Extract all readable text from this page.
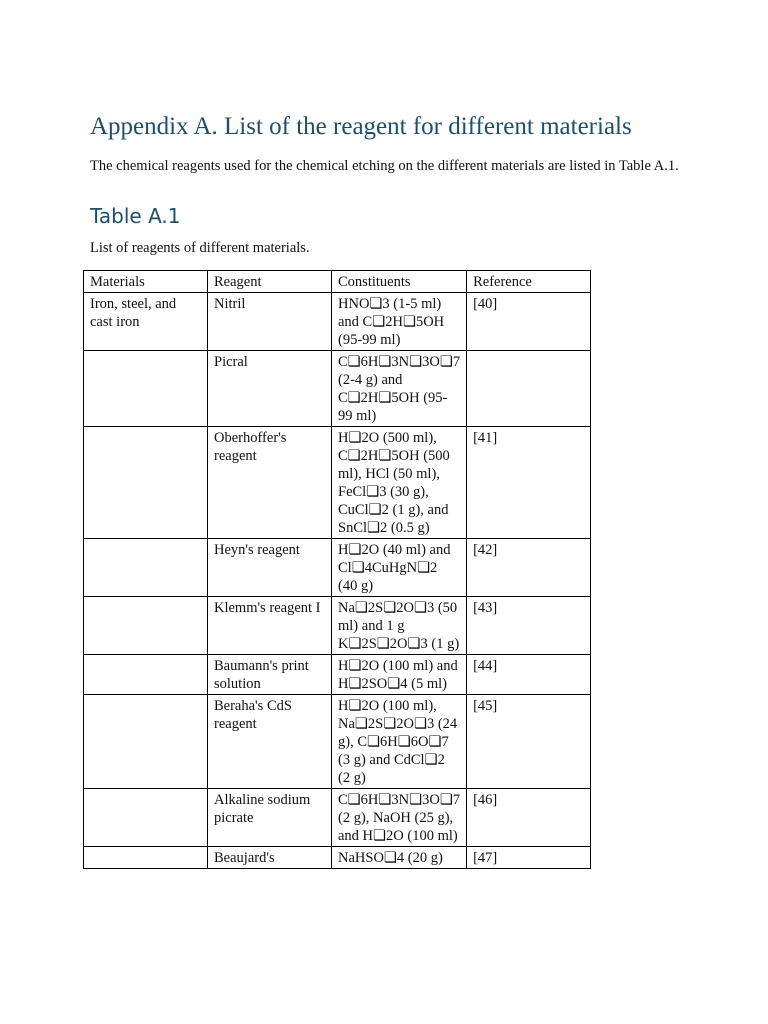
Appendix A. List of the reagent for different materials

The chemical reagents used for the chemical etching on the different materials are listed in Table A.1.

Table A.1

List of reagents of different materials.

Materials	Reagent	Constituents	Reference
Iron, steel, and cast iron	Nitril	HNO❏3 (1-5 ml) and C❏2H❏5OH (95-99 ml)	[40]
	Picral	C❏6H❏3N❏3O❏7 (2-4 g) and C❏2H❏5OH (95-99 ml)	
	Oberhoffer's reagent	H❏2O (500 ml), C❏2H❏5OH (500 ml), HCl (50 ml), FeCl❏3 (30 g), CuCl❏2 (1 g), and SnCl❏2 (0.5 g)	[41]
	Heyn's reagent	H❏2O (40 ml) and Cl❏4CuHgN❏2 (40 g)	[42]
	Klemm's reagent I	Na❏2S❏2O❏3 (50 ml) and 1 g K❏2S❏2O❏3 (1 g)	[43]
	Baumann's print solution	H❏2O (100 ml) and H❏2SO❏4 (5 ml)	[44]
	Beraha's CdS reagent	H❏2O (100 ml), Na❏2S❏2O❏3 (24 g), C❏6H❏6O❏7 (3 g) and CdCl❏2 (2 g)	[45]
	Alkaline sodium picrate	C❏6H❏3N❏3O❏7 (2 g), NaOH (25 g), and H❏2O (100 ml)	[46]
	Beaujard's	NaHSO❏4 (20 g)	[47]
